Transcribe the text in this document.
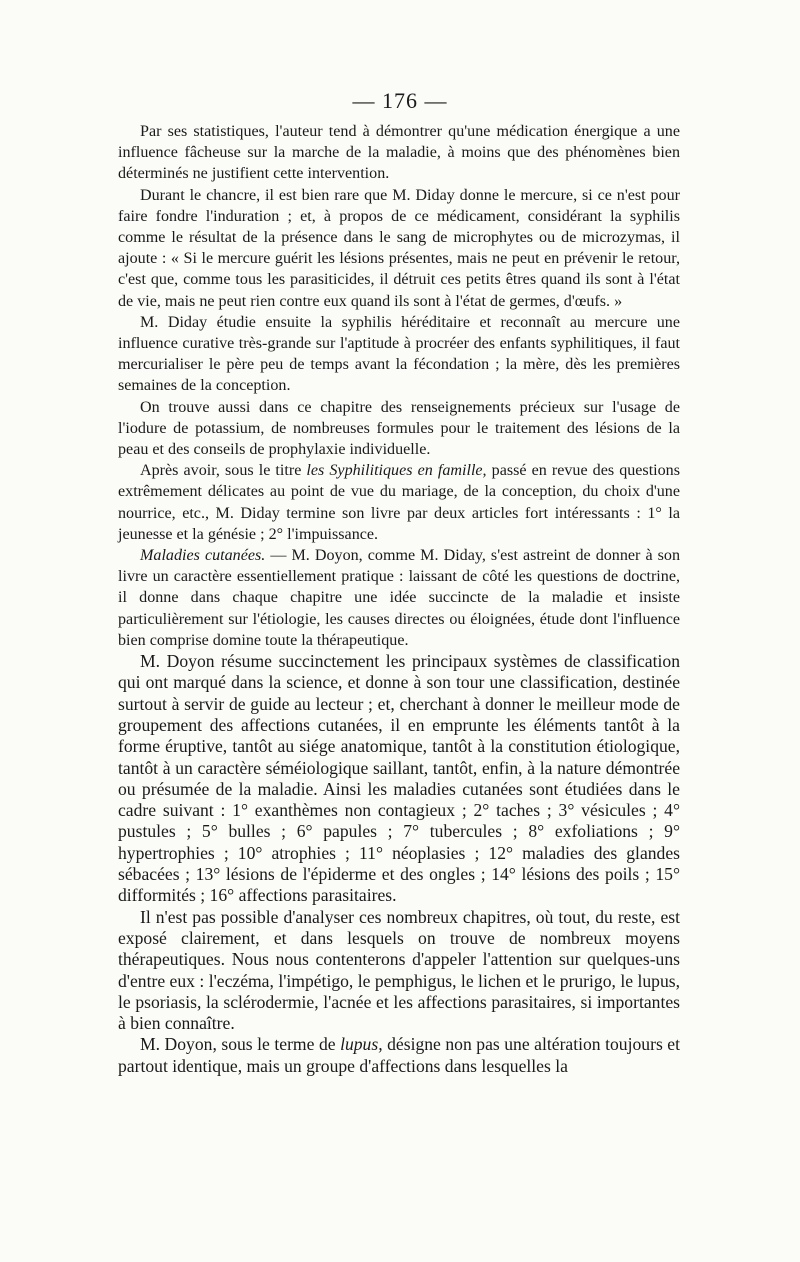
— 176 —

Par ses statistiques, l'auteur tend à démontrer qu'une médication énergique a une influence fâcheuse sur la marche de la maladie, à moins que des phénomènes bien déterminés ne justifient cette intervention.

Durant le chancre, il est bien rare que M. Diday donne le mercure, si ce n'est pour faire fondre l'induration ; et, à propos de ce médicament, considérant la syphilis comme le résultat de la présence dans le sang de microphytes ou de microzymas, il ajoute : « Si le mercure guérit les lésions présentes, mais ne peut en prévenir le retour, c'est que, comme tous les parasiticides, il détruit ces petits êtres quand ils sont à l'état de vie, mais ne peut rien contre eux quand ils sont à l'état de germes, d'œufs. »

M. Diday étudie ensuite la syphilis héréditaire et reconnaît au mercure une influence curative très-grande sur l'aptitude à procréer des enfants syphilitiques, il faut mercurialiser le père peu de temps avant la fécondation ; la mère, dès les premières semaines de la conception.

On trouve aussi dans ce chapitre des renseignements précieux sur l'usage de l'iodure de potassium, de nombreuses formules pour le traitement des lésions de la peau et des conseils de prophylaxie individuelle.

Après avoir, sous le titre les Syphilitiques en famille, passé en revue des questions extrêmement délicates au point de vue du mariage, de la conception, du choix d'une nourrice, etc., M. Diday termine son livre par deux articles fort intéressants : 1° la jeunesse et la génésie ; 2° l'impuissance.

Maladies cutanées. — M. Doyon, comme M. Diday, s'est astreint de donner à son livre un caractère essentiellement pratique : laissant de côté les questions de doctrine, il donne dans chaque chapitre une idée succincte de la maladie et insiste particulièrement sur l'étiologie, les causes directes ou éloignées, étude dont l'influence bien comprise domine toute la thérapeutique.

M. Doyon résume succinctement les principaux systèmes de classification qui ont marqué dans la science, et donne à son tour une classification, destinée surtout à servir de guide au lecteur ; et, cherchant à donner le meilleur mode de groupement des affections cutanées, il en emprunte les éléments tantôt à la forme éruptive, tantôt au siége anatomique, tantôt à la constitution étiologique, tantôt à un caractère séméiologique saillant, tantôt, enfin, à la nature démontrée ou présumée de la maladie. Ainsi les maladies cutanées sont étudiées dans le cadre suivant : 1° exanthèmes non contagieux ; 2° taches ; 3° vésicules ; 4° pustules ; 5° bulles ; 6° papules ; 7° tubercules ; 8° exfoliations ; 9° hypertrophies ; 10° atrophies ; 11° néoplasies ; 12° maladies des glandes sébacées ; 13° lésions de l'épiderme et des ongles ; 14° lésions des poils ; 15° difformités ; 16° affections parasitaires.

Il n'est pas possible d'analyser ces nombreux chapitres, où tout, du reste, est exposé clairement, et dans lesquels on trouve de nombreux moyens thérapeutiques. Nous nous contenterons d'appeler l'attention sur quelques-uns d'entre eux : l'eczéma, l'impétigo, le pemphigus, le lichen et le prurigo, le lupus, le psoriasis, la sclérodermie, l'acnée et les affections parasitaires, si importantes à bien connaître.

M. Doyon, sous le terme de lupus, désigne non pas une altération toujours et partout identique, mais un groupe d'affections dans lesquelles la
